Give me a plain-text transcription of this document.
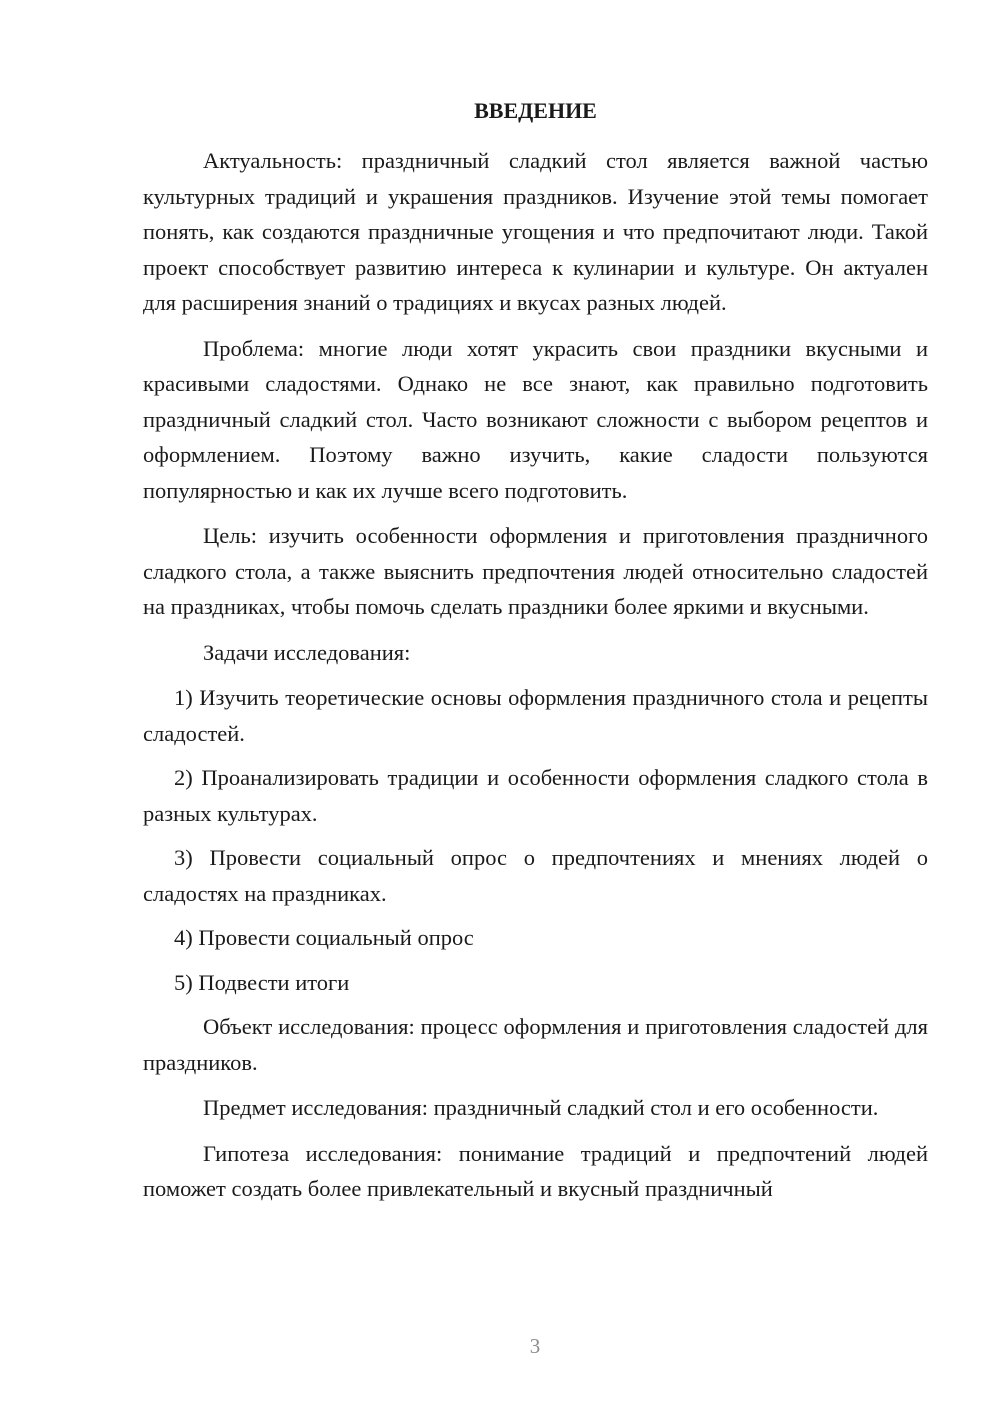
ВВЕДЕНИЕ

Актуальность: праздничный сладкий стол является важной частью культурных традиций и украшения праздников. Изучение этой темы помогает понять, как создаются праздничные угощения и что предпочитают люди. Такой проект способствует развитию интереса к кулинарии и культуре. Он актуален для расширения знаний о традициях и вкусах разных людей.

Проблема: многие люди хотят украсить свои праздники вкусными и красивыми сладостями. Однако не все знают, как правильно подготовить праздничный сладкий стол. Часто возникают сложности с выбором рецептов и оформлением. Поэтому важно изучить, какие сладости пользуются популярностью и как их лучше всего подготовить.

Цель: изучить особенности оформления и приготовления праздничного сладкого стола, а также выяснить предпочтения людей относительно сладостей на праздниках, чтобы помочь сделать праздники более яркими и вкусными.

Задачи исследования:

1) Изучить теоретические основы оформления праздничного стола и рецепты сладостей.

2) Проанализировать традиции и особенности оформления сладкого стола в разных культурах.

3) Провести социальный опрос о предпочтениях и мнениях людей о сладостях на праздниках.

4) Провести социальный опрос

5) Подвести итоги

Объект исследования: процесс оформления и приготовления сладостей для праздников.

Предмет исследования: праздничный сладкий стол и его особенности.

Гипотеза исследования: понимание традиций и предпочтений людей поможет создать более привлекательный и вкусный праздничный

3
